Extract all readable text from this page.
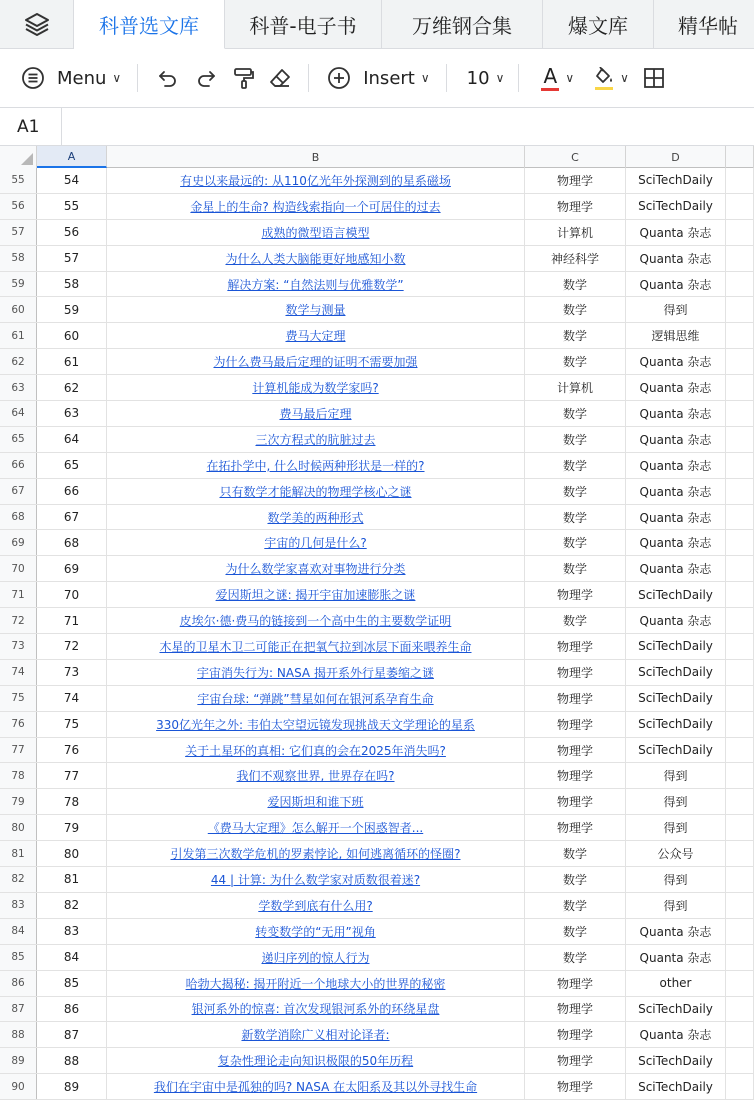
科普选文库	科普-电子书	万维钢合集	爆文库	精华帖
Menu ∨	Insert ∨ 10 ∨ A ∨	∨
A1
A	B	C	D
55	54	有史以来最远的: 从110亿光年外探测到的星系磁场	物理学	SciTechDaily
56	55	金星上的生命? 构造线索指向一个可居住的过去	物理学	SciTechDaily
57	56	成熟的微型语言模型	计算机	Quanta 杂志
58	57	为什么人类大脑能更好地感知小数	神经科学	Quanta 杂志
59	58	解决方案: “自然法则与优雅数学”	数学	Quanta 杂志
60	59	数学与测量	数学	得到
61	60	费马大定理	数学	逻辑思维
62	61	为什么费马最后定理的证明不需要加强	数学	Quanta 杂志
63	62	计算机能成为数学家吗?	计算机	Quanta 杂志
64	63	费马最后定理	数学	Quanta 杂志
65	64	三次方程式的肮脏过去	数学	Quanta 杂志
66	65	在拓扑学中, 什么时候两种形状是一样的?	数学	Quanta 杂志
67	66	只有数学才能解决的物理学核心之谜	数学	Quanta 杂志
68	67	数学美的两种形式	数学	Quanta 杂志
69	68	宇宙的几何是什么?	数学	Quanta 杂志
70	69	为什么数学家喜欢对事物进行分类	数学	Quanta 杂志
71	70	爱因斯坦之谜: 揭开宇宙加速膨胀之谜	物理学	SciTechDaily
72	71	皮埃尔·德·费马的链接到一个高中生的主要数学证明	数学	Quanta 杂志
73	72	木星的卫星木卫二可能正在把氧气拉到冰层下面来喂养生命	物理学	SciTechDaily
74	73	宇宙消失行为: NASA 揭开系外行星萎缩之谜	物理学	SciTechDaily
75	74	宇宙台球: “弹跳”彗星如何在银河系孕育生命	物理学	SciTechDaily
76	75	330亿光年之外: 韦伯太空望远镜发现挑战天文学理论的星系	物理学	SciTechDaily
77	76	关于土星环的真相: 它们真的会在2025年消失吗?	物理学	SciTechDaily
78	77	我们不观察世界, 世界存在吗?	物理学	得到
79	78	爱因斯坦和谁下班	物理学	得到
80	79	《费马大定理》怎么解开一个困惑智者...	物理学	得到
81	80	引发第三次数学危机的罗素悖论, 如何逃离循环的怪圈?	数学	公众号
82	81	44 | 计算: 为什么数学家对质数很着迷?	数学	得到
83	82	学数学到底有什么用?	数学	得到
84	83	转变数学的“无用”视角	数学	Quanta 杂志
85	84	递归序列的惊人行为	数学	Quanta 杂志
86	85	哈勃大揭秘: 揭开附近一个地球大小的世界的秘密	物理学	other
87	86	银河系外的惊喜: 首次发现银河系外的环绕星盘	物理学	SciTechDaily
88	87	新数学消除广义相对论译者:	物理学	Quanta 杂志
89	88	复杂性理论走向知识极限的50年历程	物理学	SciTechDaily
90	89	我们在宇宙中是孤独的吗? NASA 在太阳系及其以外寻找生命	物理学	SciTechDaily
